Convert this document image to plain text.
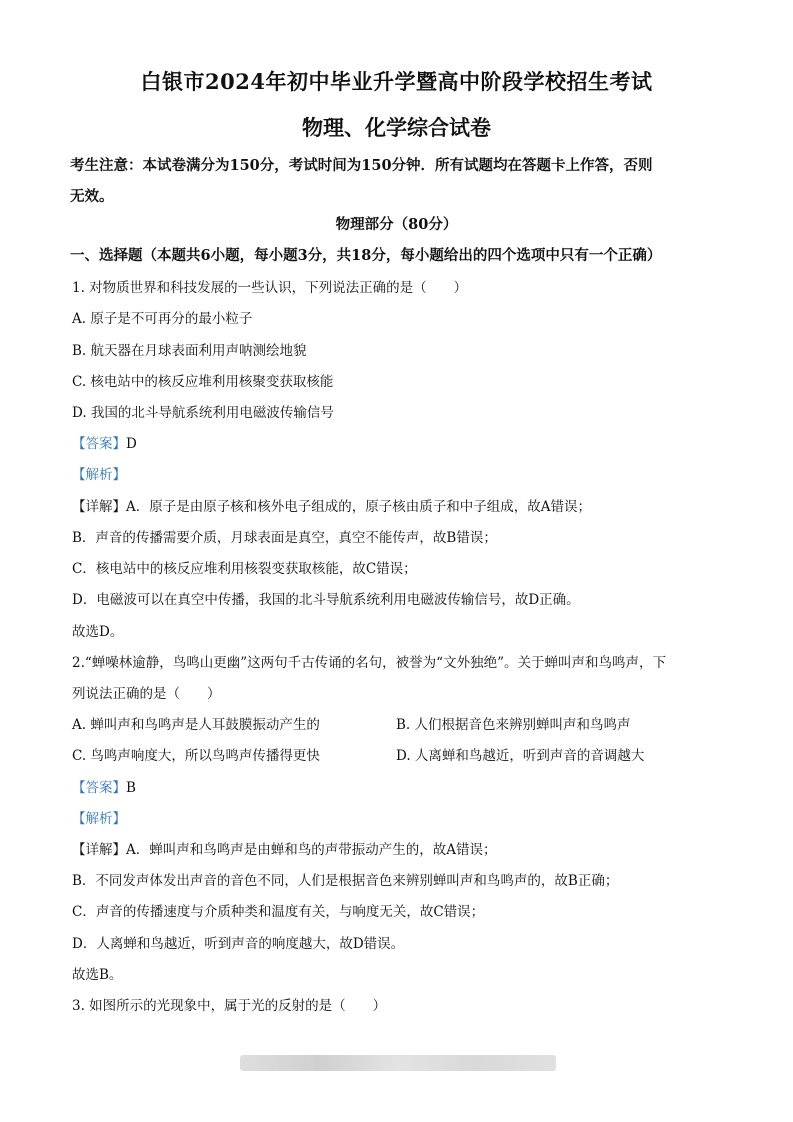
白银市2024年初中毕业升学暨高中阶段学校招生考试
物理、化学综合试卷
考生注意：本试卷满分为150分，考试时间为150分钟．所有试题均在答题卡上作答，否则
无效。
物理部分（80分）
一、选择题（本题共6小题，每小题3分，共18分，每小题给出的四个选项中只有一个正确）
1. 对物质世界和科技发展的一些认识，下列说法正确的是（　　）
A. 原子是不可再分的最小粒子
B. 航天器在月球表面利用声呐测绘地貌
C. 核电站中的核反应堆利用核聚变获取核能
D. 我国的北斗导航系统利用电磁波传输信号
【答案】D
【解析】
【详解】A．原子是由原子核和核外电子组成的，原子核由质子和中子组成，故A错误；
B．声音的传播需要介质，月球表面是真空，真空不能传声，故B错误；
C．核电站中的核反应堆利用核裂变获取核能，故C错误；
D．电磁波可以在真空中传播，我国的北斗导航系统利用电磁波传输信号，故D正确。
故选D。
2.“蝉噪林逾静，鸟鸣山更幽”这两句千古传诵的名句，被誉为“文外独绝”。关于蝉叫声和鸟鸣声，下
列说法正确的是（　　）
A. 蝉叫声和鸟鸣声是人耳鼓膜振动产生的	B. 人们根据音色来辨别蝉叫声和鸟鸣声
C. 鸟鸣声响度大，所以鸟鸣声传播得更快	D. 人离蝉和鸟越近，听到声音的音调越大
【答案】B
【解析】
【详解】A．蝉叫声和鸟鸣声是由蝉和鸟的声带振动产生的，故A错误；
B．不同发声体发出声音的音色不同，人们是根据音色来辨别蝉叫声和鸟鸣声的，故B正确；
C．声音的传播速度与介质种类和温度有关，与响度无关，故C错误；
D．人离蝉和鸟越近，听到声音的响度越大，故D错误。
故选B。
3. 如图所示的光现象中，属于光的反射的是（　　）
